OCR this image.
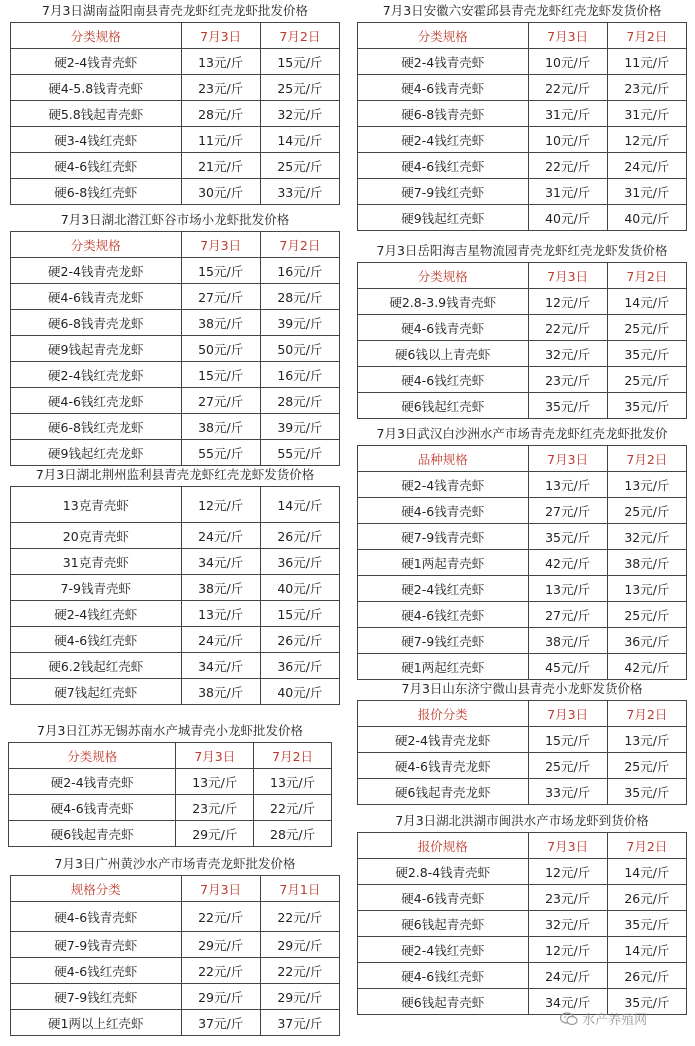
7月3日湖南益阳南县青壳龙虾红壳龙虾批发价格
分类规格	7月3日	7月2日
硬2-4钱青壳虾	13元/斤	15元/斤
硬4-5.8钱青壳虾	23元/斤	25元/斤
硬5.8钱起青壳虾	28元/斤	32元/斤
硬3-4钱红壳虾	11元/斤	14元/斤
硬4-6钱红壳虾	21元/斤	25元/斤
硬6-8钱红壳虾	30元/斤	33元/斤
7月3日湖北潜江虾谷市场小龙虾批发价格
分类规格	7月3日	7月2日
硬2-4钱青壳龙虾	15元/斤	16元/斤
硬4-6钱青壳龙虾	27元/斤	28元/斤
硬6-8钱青壳龙虾	38元/斤	39元/斤
硬9钱起青壳龙虾	50元/斤	50元/斤
硬2-4钱红壳龙虾	15元/斤	16元/斤
硬4-6钱红壳龙虾	27元/斤	28元/斤
硬6-8钱红壳龙虾	38元/斤	39元/斤
硬9钱起红壳龙虾	55元/斤	55元/斤
7月3日湖北荆州监利县青壳龙虾红壳龙虾发货价格
13克青壳虾	12元/斤	14元/斤
20克青壳虾	24元/斤	26元/斤
31克青壳虾	34元/斤	36元/斤
7-9钱青壳虾	38元/斤	40元/斤
硬2-4钱红壳虾	13元/斤	15元/斤
硬4-6钱红壳虾	24元/斤	26元/斤
硬6.2钱起红壳虾	34元/斤	36元/斤
硬7钱起红壳虾	38元/斤	40元/斤
7月3日江苏无锡苏南水产城青壳小龙虾批发价格
分类规格	7月3日	7月2日
硬2-4钱青壳虾	13元/斤	13元/斤
硬4-6钱青壳虾	23元/斤	22元/斤
硬6钱起青壳虾	29元/斤	28元/斤
7月3日广州黄沙水产市场青壳龙虾批发价格
规格分类	7月3日	7月1日
硬4-6钱青壳虾	22元/斤	22元/斤
硬7-9钱青壳虾	29元/斤	29元/斤
硬4-6钱红壳虾	22元/斤	22元/斤
硬7-9钱红壳虾	29元/斤	29元/斤
硬1两以上红壳虾	37元/斤	37元/斤
7月3日安徽六安霍邱县青壳龙虾红壳龙虾发货价格
分类规格	7月3日	7月2日
硬2-4钱青壳虾	10元/斤	11元/斤
硬4-6钱青壳虾	22元/斤	23元/斤
硬6-8钱青壳虾	31元/斤	31元/斤
硬2-4钱红壳虾	10元/斤	12元/斤
硬4-6钱红壳虾	22元/斤	24元/斤
硬7-9钱红壳虾	31元/斤	31元/斤
硬9钱起红壳虾	40元/斤	40元/斤
7月3日岳阳海吉星物流园青壳龙虾红壳龙虾发货价格
分类规格	7月3日	7月2日
硬2.8-3.9钱青壳虾	12元/斤	14元/斤
硬4-6钱青壳虾	22元/斤	25元/斤
硬6钱以上青壳虾	32元/斤	35元/斤
硬4-6钱红壳虾	23元/斤	25元/斤
硬6钱起红壳虾	35元/斤	35元/斤
7月3日武汉白沙洲水产市场青壳龙虾红壳龙虾批发价
品种规格	7月3日	7月2日
硬2-4钱青壳虾	13元/斤	13元/斤
硬4-6钱青壳虾	27元/斤	25元/斤
硬7-9钱青壳虾	35元/斤	32元/斤
硬1两起青壳虾	42元/斤	38元/斤
硬2-4钱红壳虾	13元/斤	13元/斤
硬4-6钱红壳虾	27元/斤	25元/斤
硬7-9钱红壳虾	38元/斤	36元/斤
硬1两起红壳虾	45元/斤	42元/斤
7月3日山东济宁微山县青壳小龙虾发货价格
报价分类	7月3日	7月2日
硬2-4钱青壳龙虾	15元/斤	13元/斤
硬4-6钱青壳龙虾	25元/斤	25元/斤
硬6钱起青壳龙虾	33元/斤	35元/斤
7月3日湖北洪湖市闽洪水产市场龙虾到货价格
报价规格	7月3日	7月2日
硬2.8-4钱青壳虾	12元/斤	14元/斤
硬4-6钱青壳虾	23元/斤	26元/斤
硬6钱起青壳虾	32元/斤	35元/斤
硬2-4钱红壳虾	12元/斤	14元/斤
硬4-6钱红壳虾	24元/斤	26元/斤
硬6钱起青壳虾	34元/斤	35元/斤
水产养殖网
